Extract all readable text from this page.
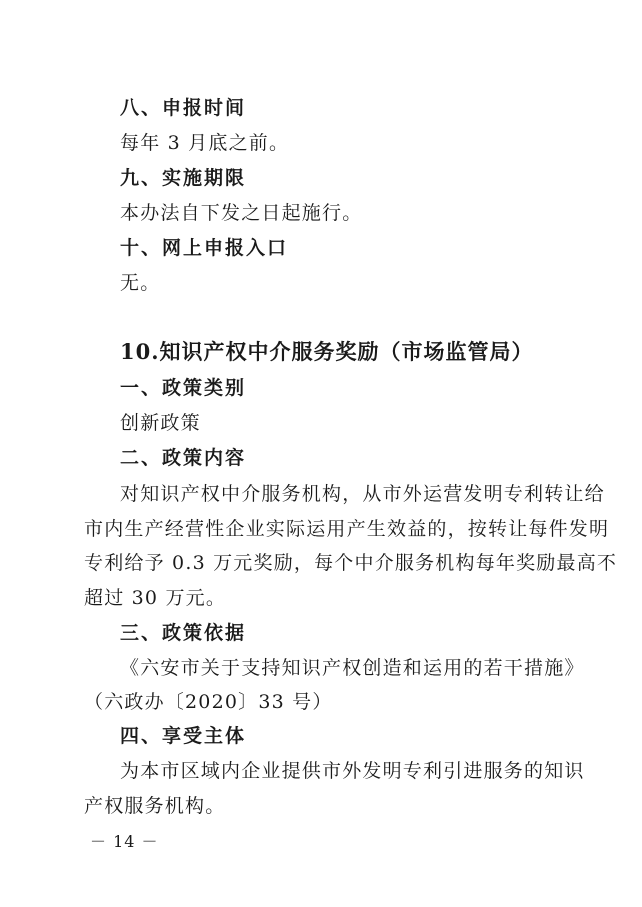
八、申报时间
每年 3 月底之前。
九、实施期限
本办法自下发之日起施行。
十、网上申报入口
无。
10.知识产权中介服务奖励（市场监管局）
一、政策类别
创新政策
二、政策内容
对知识产权中介服务机构，从市外运营发明专利转让给
市内生产经营性企业实际运用产生效益的，按转让每件发明
专利给予 0.3 万元奖励，每个中介服务机构每年奖励最高不
超过 30 万元。
三、政策依据
《六安市关于支持知识产权创造和运用的若干措施》
（六政办〔2020〕33 号）
四、享受主体
为本市区域内企业提供市外发明专利引进服务的知识
产权服务机构。
－ 14 －
